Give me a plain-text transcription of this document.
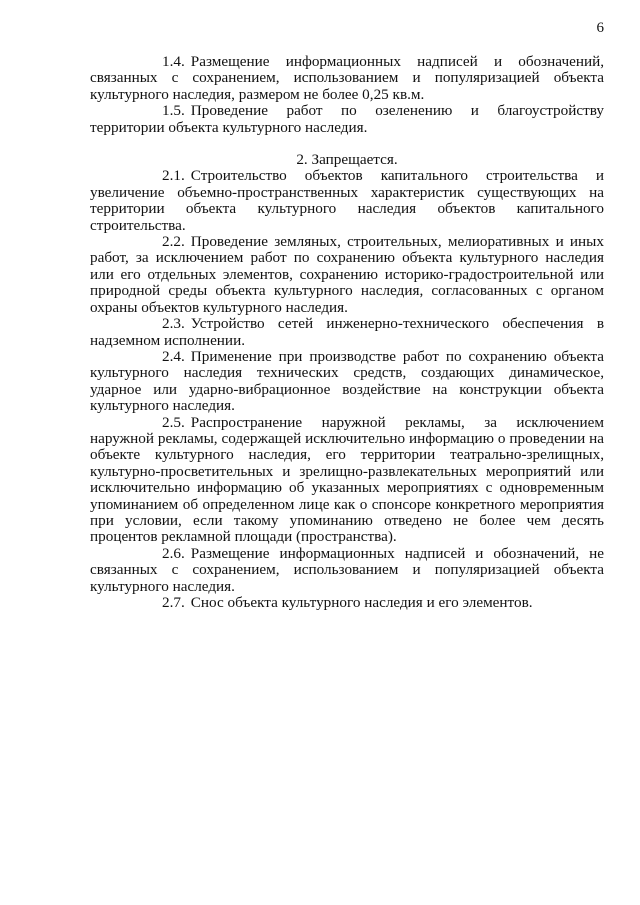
6

1.4. Размещение информационных надписей и обозначений, связанных с сохранением, использованием и популяризацией объекта культурного наследия, размером не более 0,25 кв.м.

1.5. Проведение работ по озеленению и благоустройству территории объекта культурного наследия.

2. Запрещается.

2.1. Строительство объектов капитального строительства и увеличение объемно-пространственных характеристик существующих на территории объекта культурного наследия объектов капитального строительства.

2.2. Проведение земляных, строительных, мелиоративных и иных работ, за исключением работ по сохранению объекта культурного наследия или его отдельных элементов, сохранению историко-градостроительной или природной среды объекта культурного наследия, согласованных с органом охраны объектов культурного наследия.

2.3. Устройство сетей инженерно-технического обеспечения в надземном исполнении.

2.4. Применение при производстве работ по сохранению объекта культурного наследия технических средств, создающих динамическое, ударное или ударно-вибрационное воздействие на конструкции объекта культурного наследия.

2.5. Распространение наружной рекламы, за исключением наружной рекламы, содержащей исключительно информацию о проведении на объекте культурного наследия, его территории театрально-зрелищных, культурно-просветительных и зрелищно-развлекательных мероприятий или исключительно информацию об указанных мероприятиях с одновременным упоминанием об определенном лице как о спонсоре конкретного мероприятия при условии, если такому упоминанию отведено не более чем десять процентов рекламной площади (пространства).

2.6. Размещение информационных надписей и обозначений, не связанных с сохранением, использованием и популяризацией объекта культурного наследия.

2.7. Снос объекта культурного наследия и его элементов.
